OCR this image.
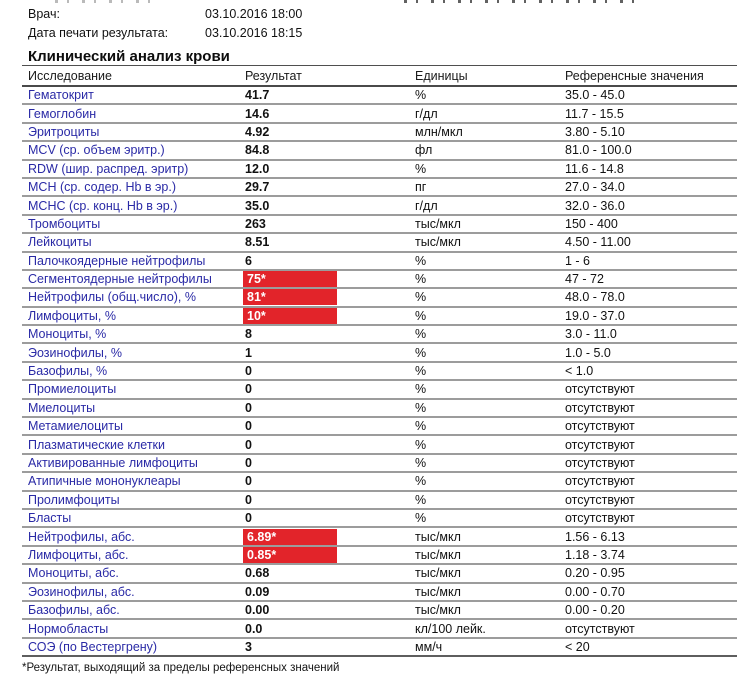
Врач:	03.10.2016 18:00
Дата печати результата:	03.10.2016 18:15
Клинический анализ крови
Исследование	Результат	Единицы	Референсные значения
Гематокрит	41.7	%	35.0 - 45.0
Гемоглобин	14.6	г/дл	11.7 - 15.5
Эритроциты	4.92	млн/мкл	3.80 - 5.10
MCV (ср. объем эритр.)	84.8	фл	81.0 - 100.0
RDW (шир. распред. эритр)	12.0	%	11.6 - 14.8
MCH (ср. содер. Hb в эр.)	29.7	пг	27.0 - 34.0
MCHC (ср. конц. Hb в эр.)	35.0	г/дл	32.0 - 36.0
Тромбоциты	263	тыс/мкл	150 - 400
Лейкоциты	8.51	тыс/мкл	4.50 - 11.00
Палочкоядерные нейтрофилы	6	%	1 - 6
Сегментоядерные нейтрофилы	75*	%	47 - 72
Нейтрофилы (общ.число), %	81*	%	48.0 - 78.0
Лимфоциты, %	10*	%	19.0 - 37.0
Моноциты, %	8	%	3.0 - 11.0
Эозинофилы, %	1	%	1.0 - 5.0
Базофилы, %	0	%	< 1.0
Промиелоциты	0	%	отсутствуют
Миелоциты	0	%	отсутствуют
Метамиелоциты	0	%	отсутствуют
Плазматические клетки	0	%	отсутствуют
Активированные лимфоциты	0	%	отсутствуют
Атипичные мононуклеары	0	%	отсутствуют
Пролимфоциты	0	%	отсутствуют
Бласты	0	%	отсутствуют
Нейтрофилы, абс.	6.89*	тыс/мкл	1.56 - 6.13
Лимфоциты, абс.	0.85*	тыс/мкл	1.18 - 3.74
Моноциты, абс.	0.68	тыс/мкл	0.20 - 0.95
Эозинофилы, абс.	0.09	тыс/мкл	0.00 - 0.70
Базофилы, абс.	0.00	тыс/мкл	0.00 - 0.20
Нормобласты	0.0	кл/100 лейк.	отсутствуют
СОЭ (по Вестергрену)	3	мм/ч	< 20
*Результат, выходящий за пределы референсных значений
